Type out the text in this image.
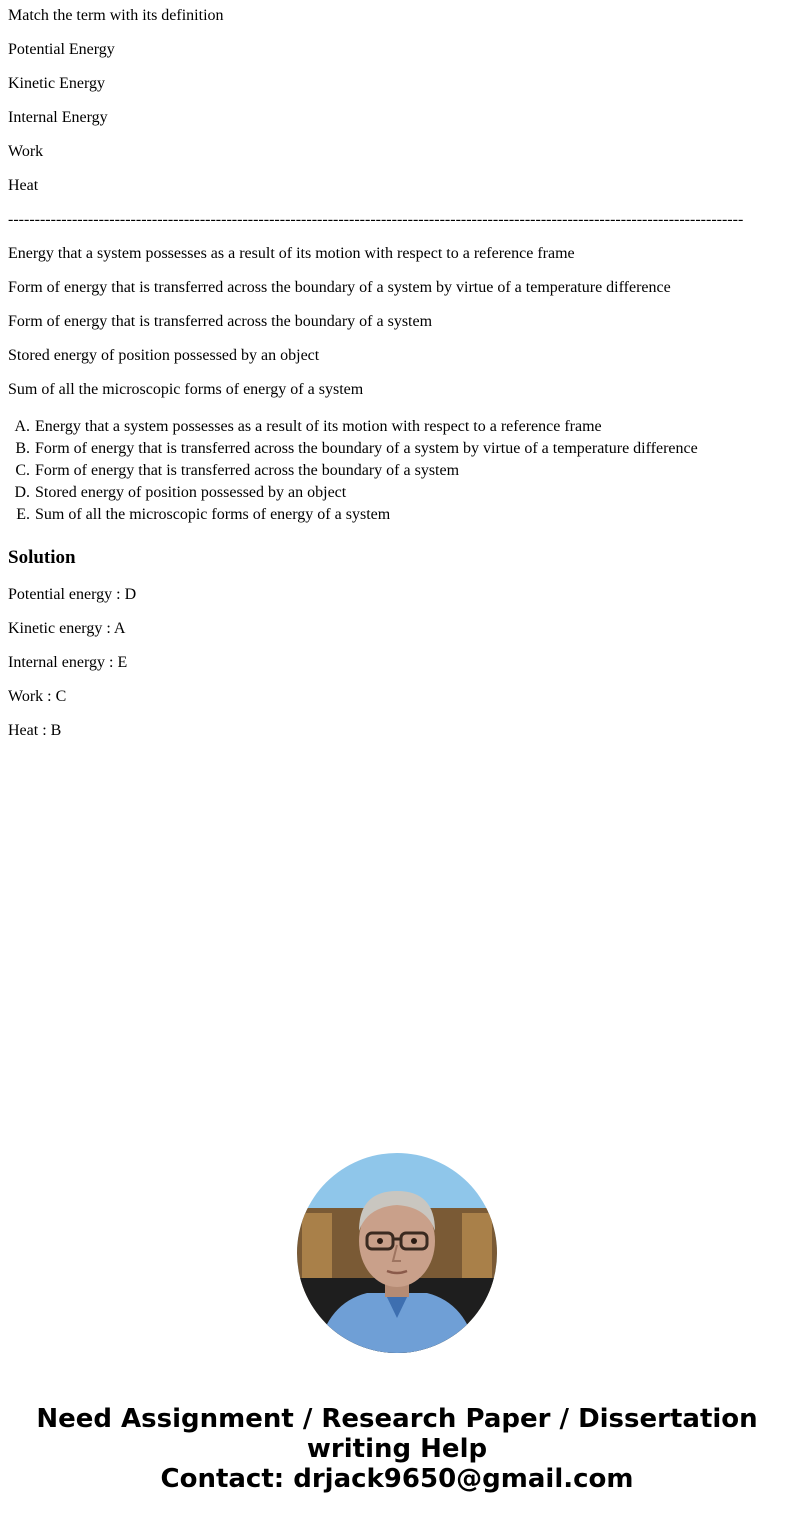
Match the term with its definition

Potential Energy

Kinetic Energy

Internal Energy

Work

Heat

------------------------------------------------------------------------------------------------------------------------------------------

Energy that a system possesses as a result of its motion with respect to a reference frame

Form of energy that is transferred across the boundary of a system by virtue of a temperature difference

Form of energy that is transferred across the boundary of a system

Stored energy of position possessed by an object

Sum of all the microscopic forms of energy of a system

A. Energy that a system possesses as a result of its motion with respect to a reference frame
B. Form of energy that is transferred across the boundary of a system by virtue of a temperature difference
C. Form of energy that is transferred across the boundary of a system
D. Stored energy of position possessed by an object
E. Sum of all the microscopic forms of energy of a system
Solution

Potential energy : D

Kinetic energy : A

Internal energy : E

Work : C

Heat : B

Need Assignment / Research Paper / Dissertation
writing Help
Contact: drjack9650@gmail.com
